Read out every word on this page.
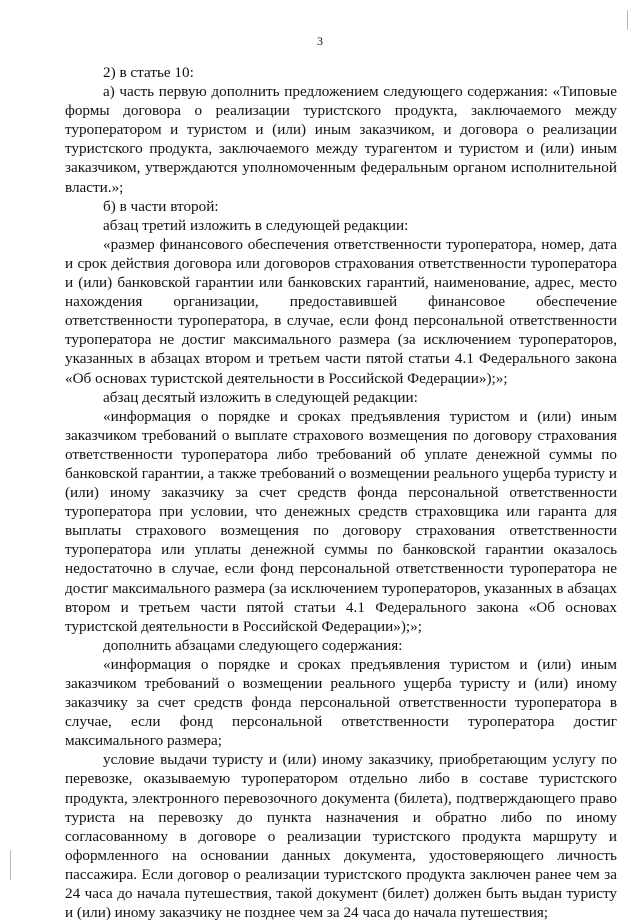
3

2) в статье 10:

а) часть первую дополнить предложением следующего содержания: «Типовые формы договора о реализации туристского продукта, заключаемого между туроператором и туристом и (или) иным заказчиком, и договора о реализации туристского продукта, заключаемого между турагентом и туристом и (или) иным заказчиком, утверждаются уполномоченным федеральным органом исполнительной власти.»;

б) в части второй:

абзац третий изложить в следующей редакции:

«размер финансового обеспечения ответственности туроператора, номер, дата и срок действия договора или договоров страхования ответственности туроператора и (или) банковской гарантии или банковских гарантий, наименование, адрес, место нахождения организации, предоставившей финансовое обеспечение ответственности туроператора, в случае, если фонд персональной ответственности туроператора не достиг максимального размера (за исключением туроператоров, указанных в абзацах втором и третьем части пятой статьи 4.1 Федерального закона «Об основах туристской деятельности в Российской Федерации»);»;

абзац десятый изложить в следующей редакции:

«информация о порядке и сроках предъявления туристом и (или) иным заказчиком требований о выплате страхового возмещения по договору страхования ответственности туроператора либо требований об уплате денежной суммы по банковской гарантии, а также требований о возмещении реального ущерба туристу и (или) иному заказчику за счет средств фонда персональной ответственности туроператора при условии, что денежных средств страховщика или гаранта для выплаты страхового возмещения по договору страхования ответственности туроператора или уплаты денежной суммы по банковской гарантии оказалось недостаточно в случае, если фонд персональной ответственности туроператора не достиг максимального размера (за исключением туроператоров, указанных в абзацах втором и третьем части пятой статьи 4.1 Федерального закона «Об основах туристской деятельности в Российской Федерации»);»;

дополнить абзацами следующего содержания:

«информация о порядке и сроках предъявления туристом и (или) иным заказчиком требований о возмещении реального ущерба туристу и (или) иному заказчику за счет средств фонда персональной ответственности туроператора в случае, если фонд персональной ответственности туроператора достиг максимального размера;

условие выдачи туристу и (или) иному заказчику, приобретающим услугу по перевозке, оказываемую туроператором отдельно либо в составе туристского продукта, электронного перевозочного документа (билета), подтверждающего право туриста на перевозку до пункта назначения и обратно либо по иному согласованному в договоре о реализации туристского продукта маршруту и оформленного на основании данных документа, удостоверяющего личность пассажира. Если договор о реализации туристского продукта заключен ранее чем за 24 часа до начала путешествия, такой документ (билет) должен быть выдан туристу и (или) иному заказчику не позднее чем за 24 часа до начала путешествия;
